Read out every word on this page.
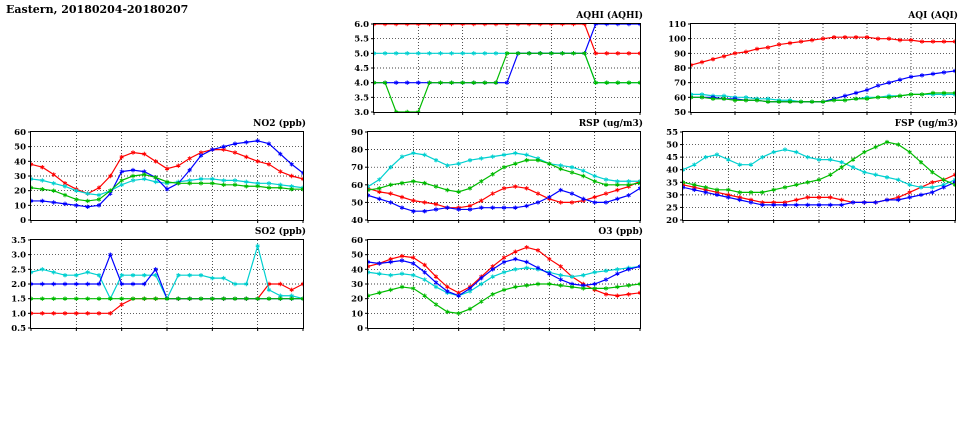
Eastern, 20180204-20180207	AQHI (AQHI)
3.0
3.5
4.0
4.5
5.0
5.5
6.0
AQI (AQI)
50
60
70
80
90
100
110
NO2 (ppb)
0
10
20
30
40
50
60
RSP (ug/m3)
40
50
60
70
80
90
FSP (ug/m3)
20
25
30
35
40
45
50
55
SO2 (ppb)
0.5
1.0
1.5
2.0
2.5
3.0
3.5
O3 (ppb)
0
10
20
30
40
50
60
